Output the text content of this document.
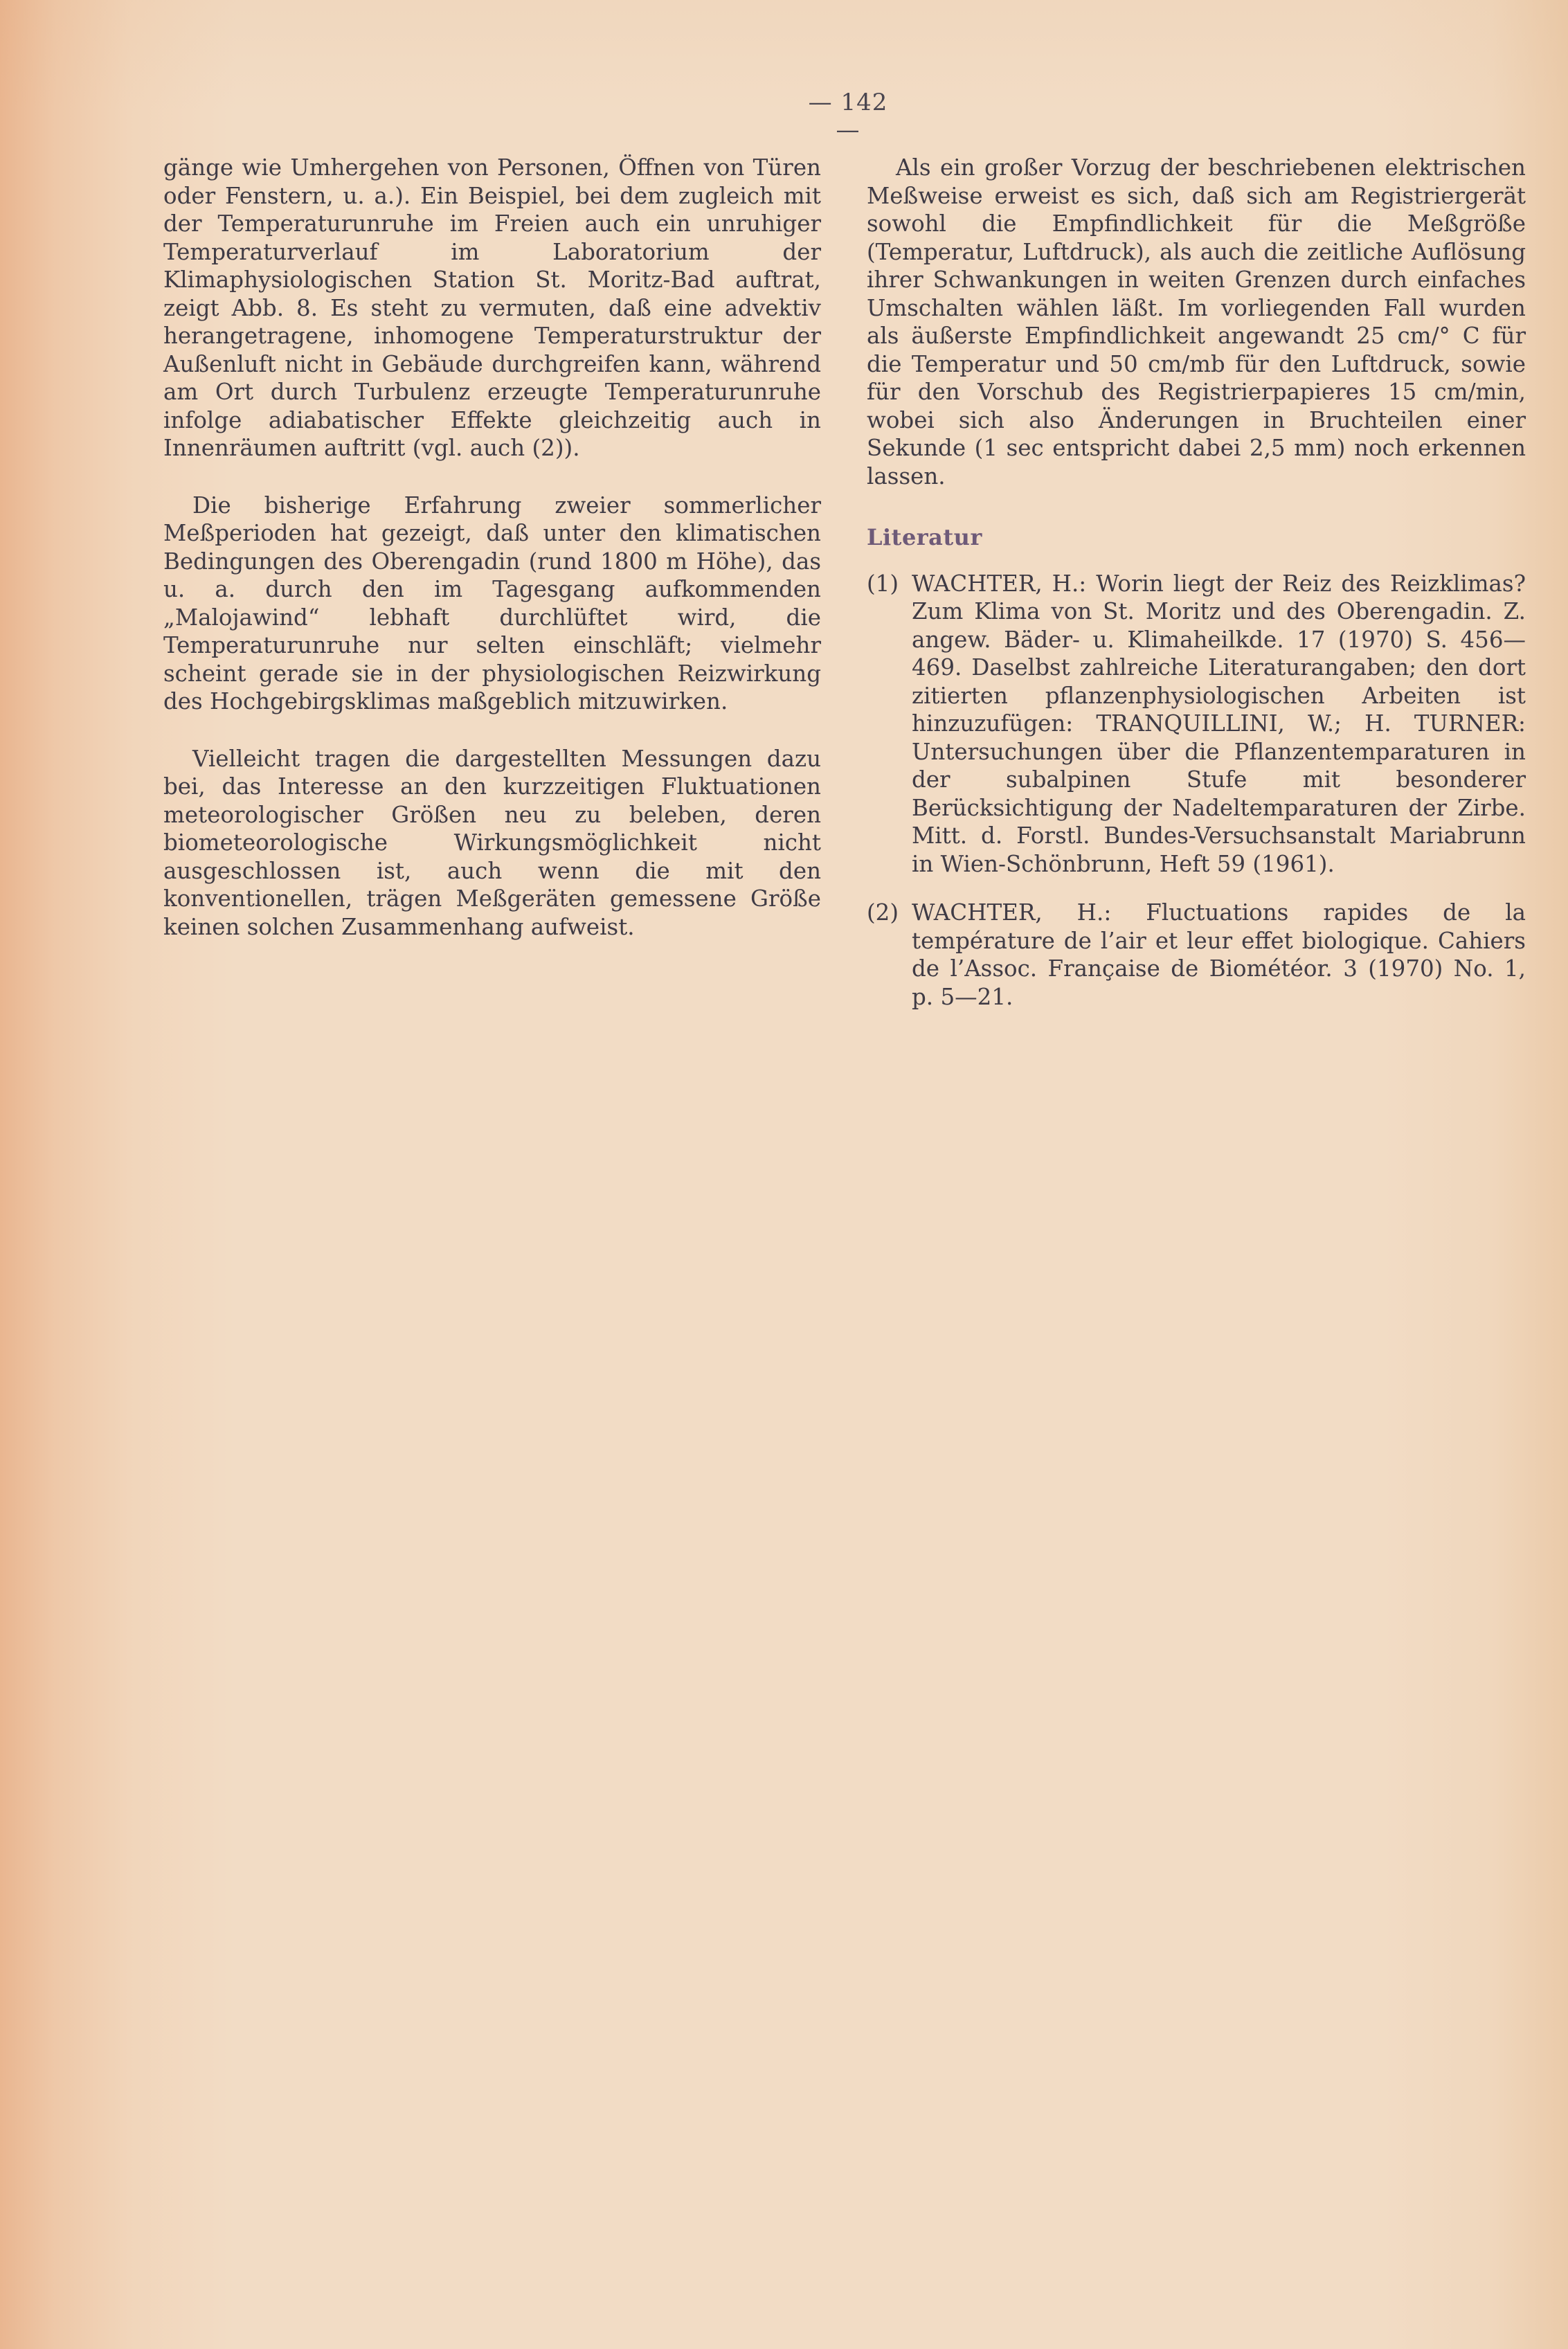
— 142 —

gänge wie Umhergehen von Personen, Öffnen von Türen oder Fenstern, u. a.). Ein Beispiel, bei dem zugleich mit der Temperaturunruhe im Freien auch ein unruhiger Temperaturverlauf im Laboratorium der Klimaphysiologischen Station St. Moritz-Bad auftrat, zeigt Abb. 8. Es steht zu vermuten, daß eine advektiv herangetragene, inhomogene Temperaturstruktur der Außenluft nicht in Gebäude durchgreifen kann, während am Ort durch Turbulenz erzeugte Temperaturunruhe infolge adiabatischer Effekte gleichzeitig auch in Innenräumen auftritt (vgl. auch (2)).

Die bisherige Erfahrung zweier sommerlicher Meßperioden hat gezeigt, daß unter den klimatischen Bedingungen des Oberengadin (rund 1800 m Höhe), das u. a. durch den im Tagesgang aufkommenden „Malojawind“ lebhaft durchlüftet wird, die Temperaturunruhe nur selten einschläft; vielmehr scheint gerade sie in der physiologischen Reizwirkung des Hochgebirgsklimas maßgeblich mitzuwirken.

Vielleicht tragen die dargestellten Messungen dazu bei, das Interesse an den kurzzeitigen Fluktuationen meteorologischer Größen neu zu beleben, deren biometeorologische Wirkungsmöglichkeit nicht ausgeschlossen ist, auch wenn die mit den konventionellen, trägen Meßgeräten gemessene Größe keinen solchen Zusammenhang aufweist.

Als ein großer Vorzug der beschriebenen elektrischen Meßweise erweist es sich, daß sich am Registriergerät sowohl die Empfindlichkeit für die Meßgröße (Temperatur, Luftdruck), als auch die zeitliche Auflösung ihrer Schwankungen in weiten Grenzen durch einfaches Umschalten wählen läßt. Im vorliegenden Fall wurden als äußerste Empfindlichkeit angewandt 25 cm/° C für die Temperatur und 50 cm/mb für den Luftdruck, sowie für den Vorschub des Registrierpapieres 15 cm/min, wobei sich also Änderungen in Bruchteilen einer Sekunde (1 sec entspricht dabei 2,5 mm) noch erkennen lassen.

Literatur
(1) WACHTER, H.: Worin liegt der Reiz des Reizklimas? Zum Klima von St. Moritz und des Oberengadin. Z. angew. Bäder- u. Klimaheilkde. 17 (1970) S. 456—469. Daselbst zahlreiche Literaturangaben; den dort zitierten pflanzenphysiologischen Arbeiten ist hinzuzufügen: TRANQUILLINI, W.; H. TURNER: Untersuchungen über die Pflanzentemparaturen in der subalpinen Stufe mit besonderer Berücksichtigung der Nadeltemparaturen der Zirbe. Mitt. d. Forstl. Bundes-Versuchsanstalt Mariabrunn in Wien-Schönbrunn, Heft 59 (1961).
(2) WACHTER, H.: Fluctuations rapides de la température de l’air et leur effet biologique. Cahiers de l’Assoc. Française de Biométéor. 3 (1970) No. 1, p. 5—21.
